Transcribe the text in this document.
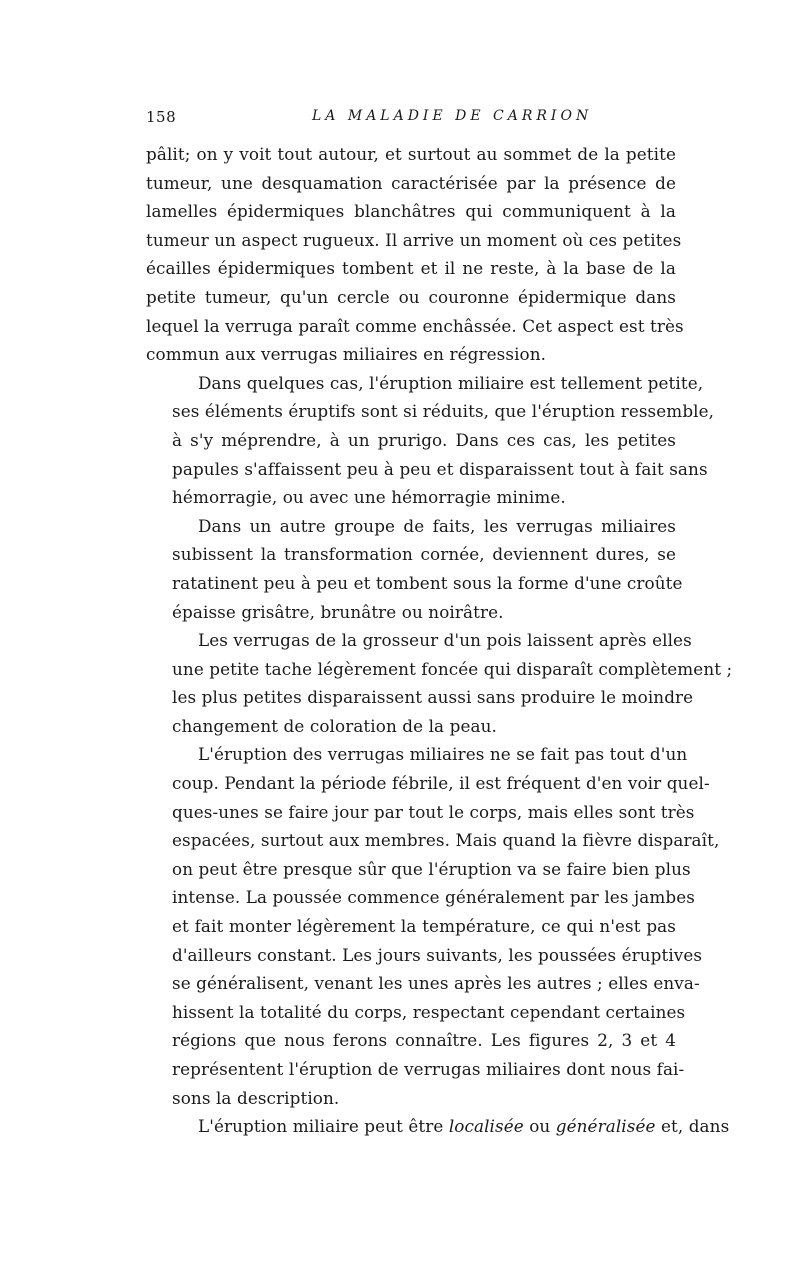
158	LA MALADIE DE CARRION

pâlit; on y voit tout autour, et surtout au sommet de la petite
tumeur, une desquamation caractérisée par la présence de
lamelles épidermiques blanchâtres qui communiquent à la
tumeur un aspect rugueux. Il arrive un moment où ces petites
écailles épidermiques tombent et il ne reste, à la base de la
petite tumeur, qu'un cercle ou couronne épidermique dans
lequel la verruga paraît comme enchâssée. Cet aspect est très
commun aux verrugas miliaires en régression.

Dans quelques cas, l'éruption miliaire est tellement petite,
ses éléments éruptifs sont si réduits, que l'éruption ressemble,
à s'y méprendre, à un prurigo. Dans ces cas, les petites
papules s'affaissent peu à peu et disparaissent tout à fait sans
hémorragie, ou avec une hémorragie minime.

Dans un autre groupe de faits, les verrugas miliaires
subissent la transformation cornée, deviennent dures, se
ratatinent peu à peu et tombent sous la forme d'une croûte
épaisse grisâtre, brunâtre ou noirâtre.

Les verrugas de la grosseur d'un pois laissent après elles
une petite tache légèrement foncée qui disparaît complètement ;
les plus petites disparaissent aussi sans produire le moindre
changement de coloration de la peau.

L'éruption des verrugas miliaires ne se fait pas tout d'un
coup. Pendant la période fébrile, il est fréquent d'en voir quel-
ques-unes se faire jour par tout le corps, mais elles sont très
espacées, surtout aux membres. Mais quand la fièvre disparaît,
on peut être presque sûr que l'éruption va se faire bien plus
intense. La poussée commence généralement par les jambes
et fait monter légèrement la température, ce qui n'est pas
d'ailleurs constant. Les jours suivants, les poussées éruptives
se généralisent, venant les unes après les autres ; elles enva-
hissent la totalité du corps, respectant cependant certaines
régions que nous ferons connaître. Les figures 2, 3 et 4
représentent l'éruption de verrugas miliaires dont nous fai-
sons la description.

L'éruption miliaire peut être localisée ou généralisée et, dans
